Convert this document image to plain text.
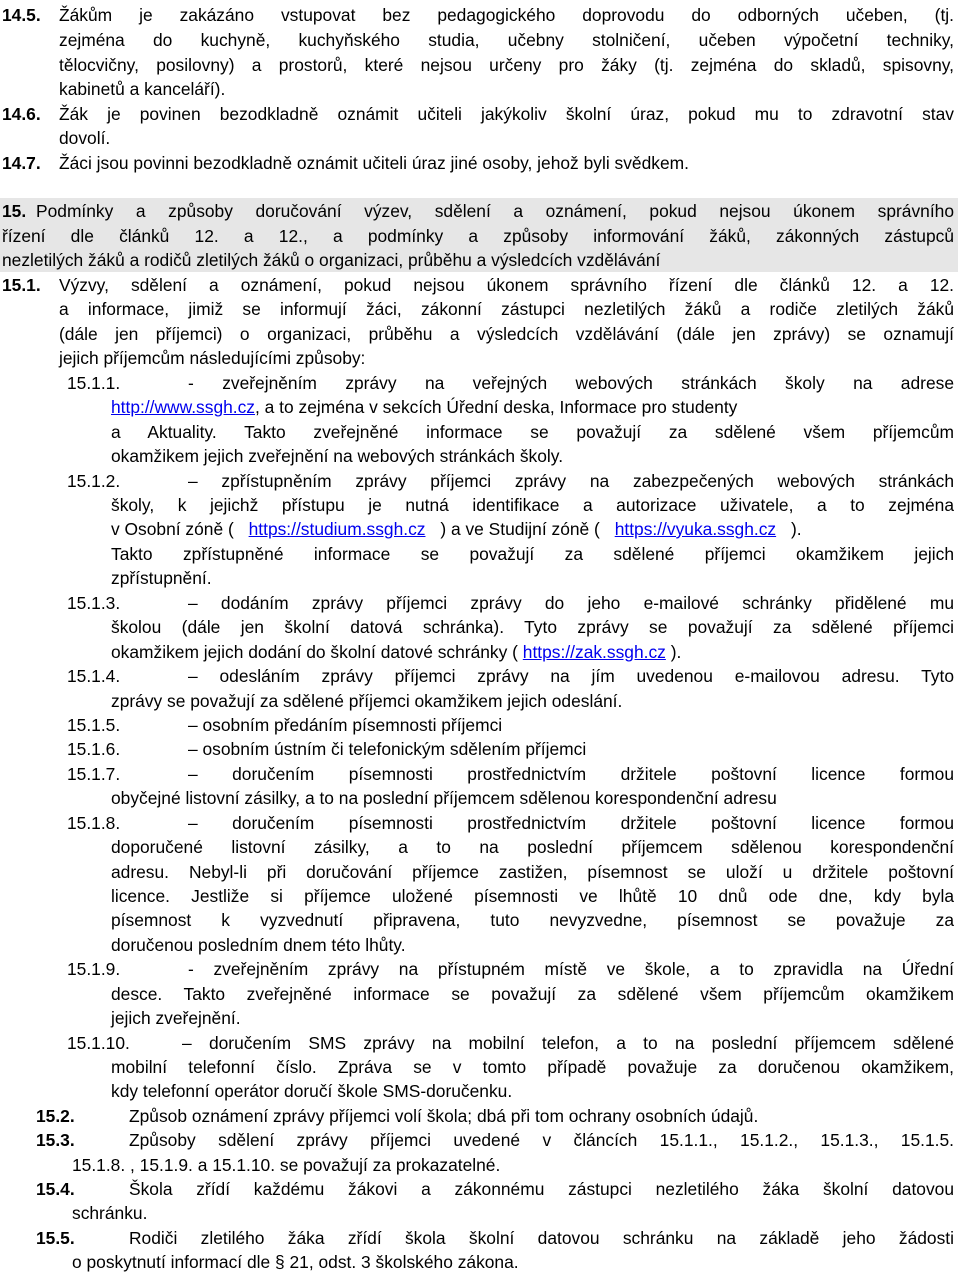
14.5. Žákům je zakázáno vstupovat bez pedagogického doprovodu do odborných učeben, (tj.
zejména do kuchyně, kuchyňského studia, učebny stolničení, učeben výpočetní techniky,
tělocvičny, posilovny) a prostorů, které nejsou určeny pro žáky (tj. zejména do skladů, spisovny,
kabinetů a kanceláří).
14.6. Žák je povinen bezodkladně oznámit učiteli jakýkoliv školní úraz, pokud mu to zdravotní stav
dovolí.
14.7. Žáci jsou povinni bezodkladně oznámit učiteli úraz jiné osoby, jehož byli svědkem.
15. Podmínky a způsoby doručování výzev, sdělení a oznámení, pokud nejsou úkonem správního
řízení dle článků 12. a 12., a podmínky a způsoby informování žáků, zákonných zástupců
nezletilých žáků a rodičů zletilých žáků o organizaci, průběhu a výsledcích vzdělávání
15.1. Výzvy, sdělení a oznámení, pokud nejsou úkonem správního řízení dle článků 12. a 12.
a informace, jimiž se informují žáci, zákonní zástupci nezletilých žáků a rodiče zletilých žáků
(dále jen příjemci) o organizaci, průběhu a výsledcích vzdělávání (dále jen zprávy) se oznamují
jejich příjemcům následujícími způsoby:
15.1.1.	- zveřejněním zprávy na veřejných webových stránkách školy na adrese
http://www.ssgh.cz, a to zejména v sekcích Úřední deska, Informace pro studenty
a Aktuality. Takto zveřejněné informace se považují za sdělené všem příjemcům
okamžikem jejich zveřejnění na webových stránkách školy.
15.1.2.	– zpřístupněním zprávy příjemci zprávy na zabezpečených webových stránkách
školy, k jejichž přístupu je nutná identifikace a autorizace uživatele, a to zejména
v Osobní zóně ( https://studium.ssgh.cz ) a ve Studijní zóně ( https://vyuka.ssgh.cz ).
Takto zpřístupněné informace se považují za sdělené příjemci okamžikem jejich
zpřístupnění.
15.1.3.	– dodáním zprávy příjemci zprávy do jeho e-mailové schránky přidělené mu
školou (dále jen školní datová schránka). Tyto zprávy se považují za sdělené příjemci
okamžikem jejich dodání do školní datové schránky ( https://zak.ssgh.cz ).
15.1.4.	– odesláním zprávy příjemci zprávy na jím uvedenou e-mailovou adresu. Tyto
zprávy se považují za sdělené příjemci okamžikem jejich odeslání.
15.1.5.	– osobním předáním písemnosti příjemci
15.1.6.	– osobním ústním či telefonickým sdělením příjemci
15.1.7.	– doručením písemnosti prostřednictvím držitele poštovní licence formou
obyčejné listovní zásilky, a to na poslední příjemcem sdělenou korespondenční adresu
15.1.8.	– doručením písemnosti prostřednictvím držitele poštovní licence formou
doporučené listovní zásilky, a to na poslední příjemcem sdělenou korespondenční
adresu. Nebyl-li při doručování příjemce zastižen, písemnost se uloží u držitele poštovní
licence. Jestliže si příjemce uložené písemnosti ve lhůtě 10 dnů ode dne, kdy byla
písemnost k vyzvednutí připravena, tuto nevyzvedne, písemnost se považuje za
doručenou posledním dnem této lhůty.
15.1.9.	- zveřejněním zprávy na přístupném místě ve škole, a to zpravidla na Úřední
desce. Takto zveřejněné informace se považují za sdělené všem příjemcům okamžikem
jejich zveřejnění.
15.1.10.	– doručením SMS zprávy na mobilní telefon, a to na poslední příjemcem sdělené
mobilní telefonní číslo. Zpráva se v tomto případě považuje za doručenou okamžikem,
kdy telefonní operátor doručí škole SMS-doručenku.
15.2.	Způsob oznámení zprávy příjemci volí škola; dbá při tom ochrany osobních údajů.
15.3.	Způsoby sdělení zprávy příjemci uvedené v článcích 15.1.1., 15.1.2., 15.1.3., 15.1.5.
15.1.8. , 15.1.9. a 15.1.10. se považují za prokazatelné.
15.4.	Škola zřídí každému žákovi a zákonnému zástupci nezletilého žáka školní datovou
schránku.
15.5.	Rodiči zletilého žáka zřídí škola školní datovou schránku na základě jeho žádosti
o poskytnutí informací dle § 21, odst. 3 školského zákona.
